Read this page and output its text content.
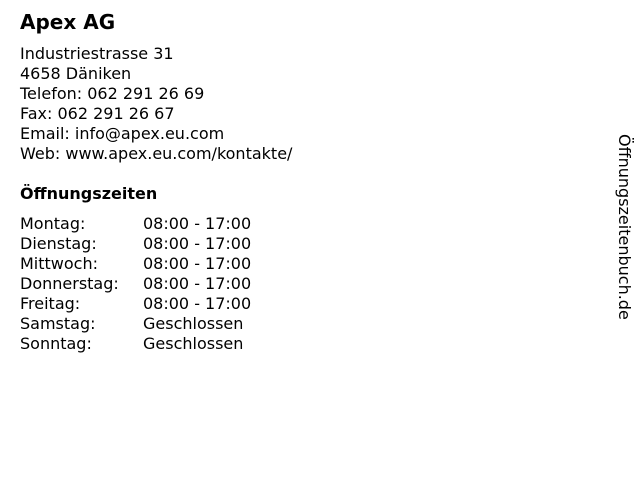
Apex AG
Industriestrasse 31
4658 Däniken
Telefon: 062 291 26 69
Fax: 062 291 26 67
Email: info@apex.eu.com
Web: www.apex.eu.com/kontakte/
Öffnungszeiten
Montag:	08:00 - 17:00
Dienstag:	08:00 - 17:00
Mittwoch:	08:00 - 17:00
Donnerstag:	08:00 - 17:00
Freitag:	08:00 - 17:00
Samstag:	Geschlossen
Sonntag:	Geschlossen
Öffnungszeitenbuch.de
